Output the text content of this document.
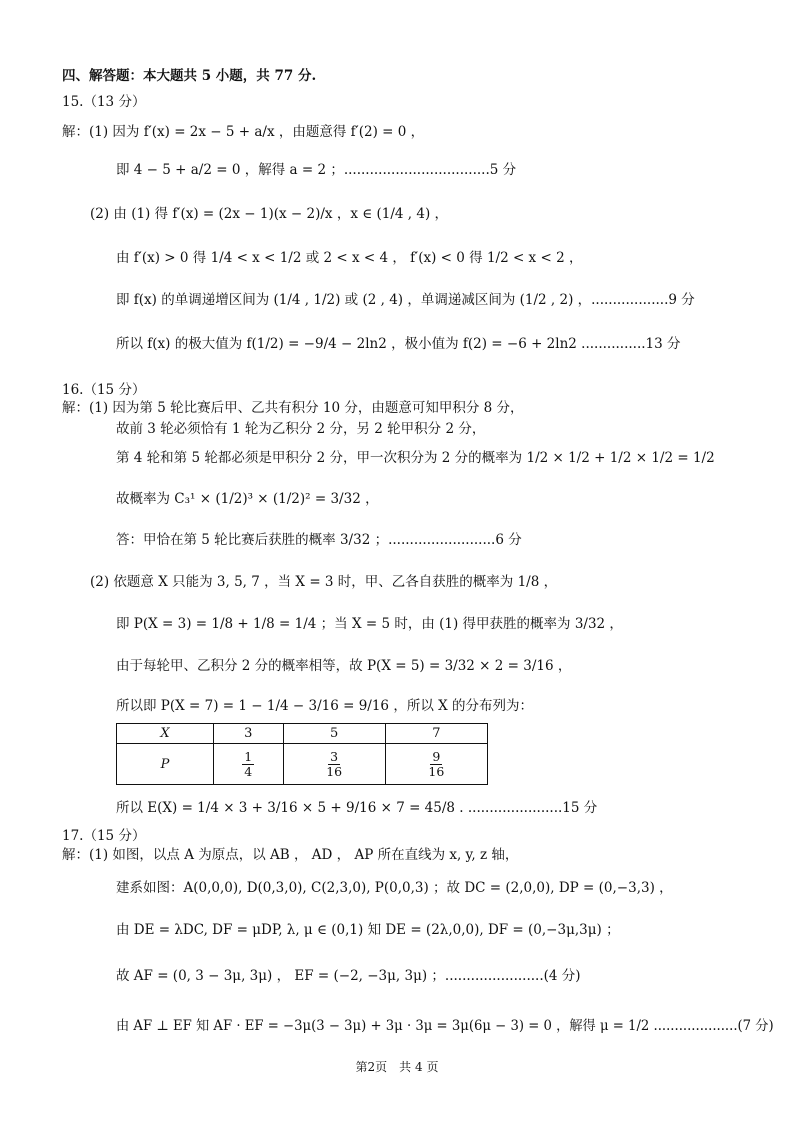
四、解答题：本大题共 5 小题，共 77 分.
15.（13 分）
解：(1) 因为 f′(x) = 2x − 5 + a/x ，由题意得 f′(2) = 0 ，
即 4 − 5 + a/2 = 0 ，解得 a = 2 ；..................................5 分
(2) 由 (1) 得 f′(x) = (2x − 1)(x − 2)/x ，x ∈ (1/4 , 4) ，
由 f′(x) > 0 得 1/4 < x < 1/2 或 2 < x < 4 ， f′(x) < 0 得 1/2 < x < 2 ，
即 f(x) 的单调递增区间为 (1/4 , 1/2) 或 (2 , 4) ，单调递减区间为 (1/2 , 2) ，..................9 分
所以 f(x) 的极大值为 f(1/2) = −9/4 − 2ln2 ，极小值为 f(2) = −6 + 2ln2 ...............13 分
16.（15 分）
解：(1) 因为第 5 轮比赛后甲、乙共有积分 10 分，由题意可知甲积分 8 分，
故前 3 轮必须恰有 1 轮为乙积分 2 分，另 2 轮甲积分 2 分，
第 4 轮和第 5 轮都必须是甲积分 2 分，甲一次积分为 2 分的概率为 1/2 × 1/2 + 1/2 × 1/2 = 1/2
故概率为 C₃¹ × (1/2)³ × (1/2)² = 3/32 ，
答：甲恰在第 5 轮比赛后获胜的概率 3/32 ；.........................6 分
(2) 依题意 X 只能为 3, 5, 7 ，当 X = 3 时，甲、乙各自获胜的概率为 1/8 ，
即 P(X = 3) = 1/8 + 1/8 = 1/4 ；当 X = 5 时，由 (1) 得甲获胜的概率为 3/32 ，
由于每轮甲、乙积分 2 分的概率相等，故 P(X = 5) = 3/32 × 2 = 3/16 ，
所以即 P(X = 7) = 1 − 1/4 − 3/16 = 9/16 ，所以 X 的分布列为：
X	3	5	7
P	$\frac{1}{4}$	$\frac{3}{16}$	$\frac{9}{16}$
所以 E(X) = 1/4 × 3 + 3/16 × 5 + 9/16 × 7 = 45/8 . ......................15 分
17.（15 分）
解：(1) 如图，以点 A 为原点，以 AB ， AD ， AP 所在直线为 x, y, z 轴，
建系如图：A(0,0,0), D(0,3,0), C(2,3,0), P(0,0,3) ；故 DC = (2,0,0), DP = (0,−3,3) ，
由 DE = λDC, DF = μDP, λ, μ ∈ (0,1) 知 DE = (2λ,0,0), DF = (0,−3μ,3μ) ；
故 AF = (0, 3 − 3μ, 3μ) ， EF = (−2, −3μ, 3μ) ；.......................(4 分)
由 AF ⊥ EF 知 AF · EF = −3μ(3 − 3μ) + 3μ · 3μ = 3μ(6μ − 3) = 0 ，解得 μ = 1/2 ....................(7 分)
第2页　共 4 页
